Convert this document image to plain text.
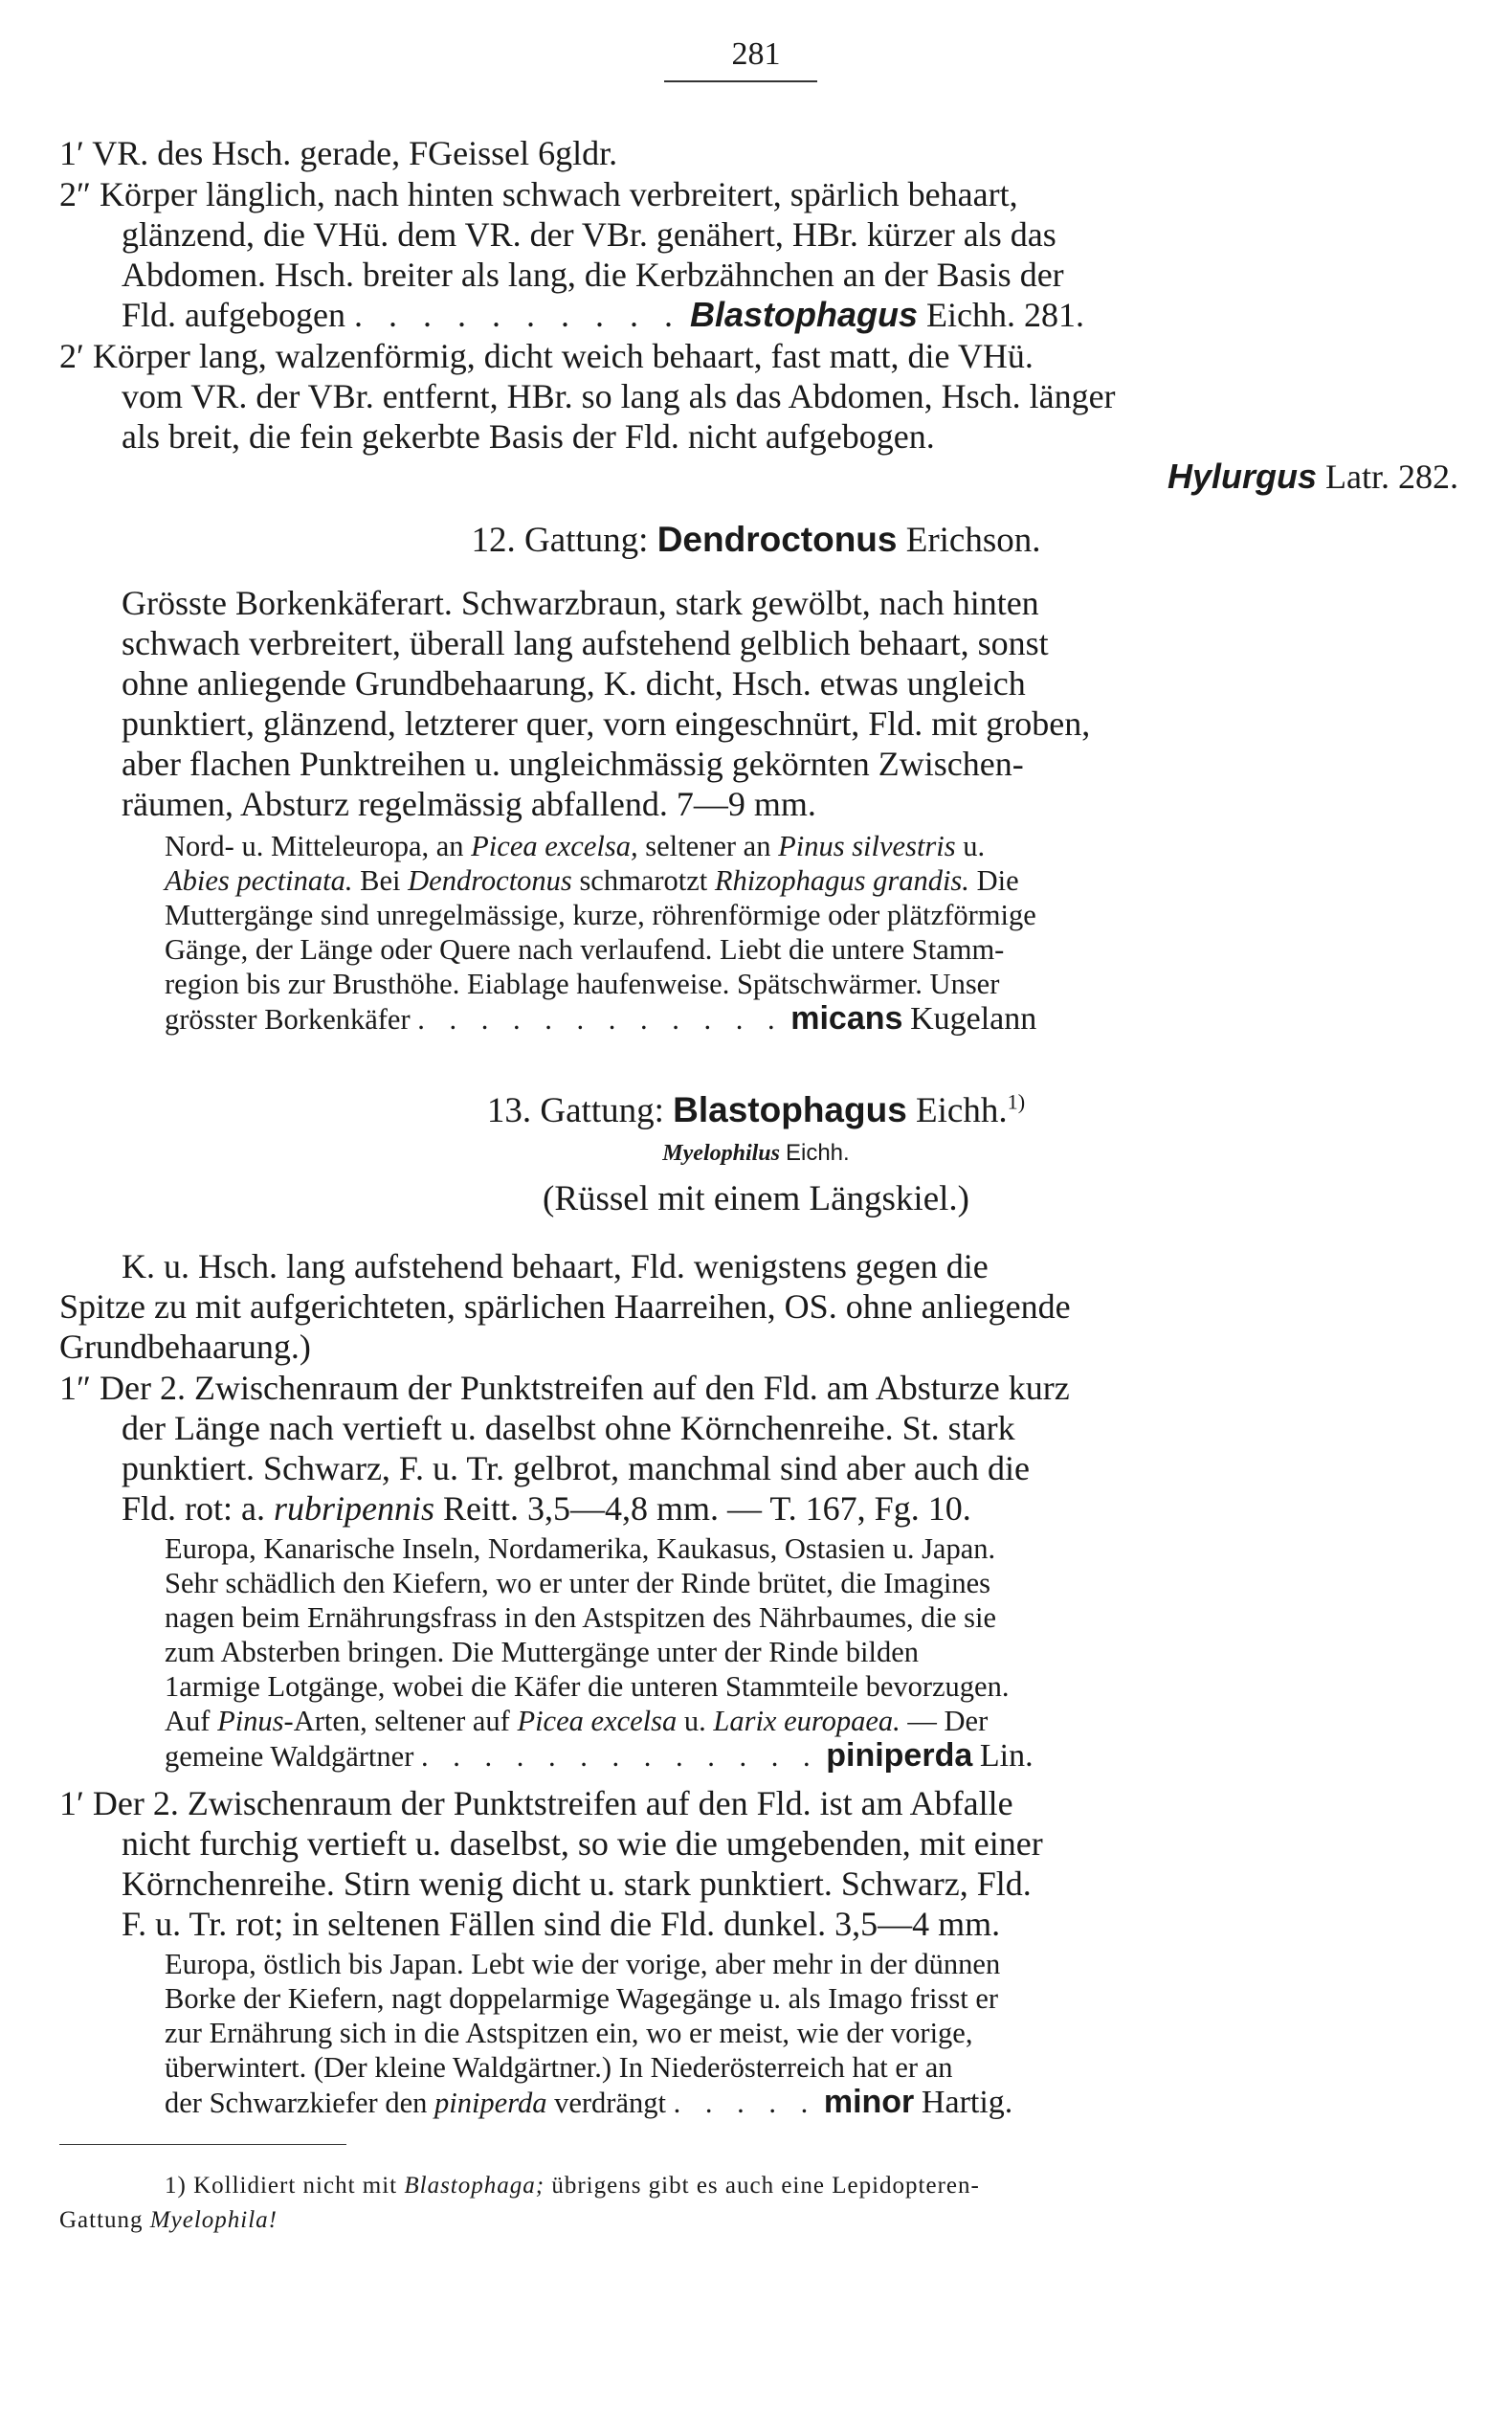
281
1′ VR. des Hsch. gerade, FGeissel 6gldr.
2″ Körper länglich, nach hinten schwach verbreitert, spärlich behaart,
glänzend, die VHü. dem VR. der VBr. genähert, HBr. kürzer als das
Abdomen. Hsch. breiter als lang, die Kerbzähnchen an der Basis der
Fld. aufgebogen . . . . . . . . . . Blastophagus Eichh. 281.
2′ Körper lang, walzenförmig, dicht weich behaart, fast matt, die VHü.
vom VR. der VBr. entfernt, HBr. so lang als das Abdomen, Hsch. länger
als breit, die fein gekerbte Basis der Fld. nicht aufgebogen.
Hylurgus Latr. 282.
12. Gattung: Dendroctonus Erichson.
Grösste Borkenkäferart. Schwarzbraun, stark gewölbt, nach hinten
schwach verbreitert, überall lang aufstehend gelblich behaart, sonst
ohne anliegende Grundbehaarung, K. dicht, Hsch. etwas ungleich
punktiert, glänzend, letzterer quer, vorn eingeschnürt, Fld. mit groben,
aber flachen Punktreihen u. ungleichmässig gekörnten Zwischen-
räumen, Absturz regelmässig abfallend. 7—9 mm.
Nord- u. Mitteleuropa, an Picea excelsa, seltener an Pinus silvestris u.
Abies pectinata. Bei Dendroctonus schmarotzt Rhizophagus grandis. Die
Muttergänge sind unregelmässige, kurze, röhrenförmige oder plätzförmige
Gänge, der Länge oder Quere nach verlaufend. Liebt die untere Stamm-
region bis zur Brusthöhe. Eiablage haufenweise. Spätschwärmer. Unser
grösster Borkenkäfer . . . . . . . . . . . . micans Kugelann
13. Gattung: Blastophagus Eichh.$^{1)}$
Myelophilus Eichh.
(Rüssel mit einem Längskiel.)
K. u. Hsch. lang aufstehend behaart, Fld. wenigstens gegen die
Spitze zu mit aufgerichteten, spärlichen Haarreihen, OS. ohne anliegende
Grundbehaarung.)
1″ Der 2. Zwischenraum der Punktstreifen auf den Fld. am Absturze kurz
der Länge nach vertieft u. daselbst ohne Körnchenreihe. St. stark
punktiert. Schwarz, F. u. Tr. gelbrot, manchmal sind aber auch die
Fld. rot: a. rubripennis Reitt. 3,5—4,8 mm. — T. 167, Fg. 10.
Europa, Kanarische Inseln, Nordamerika, Kaukasus, Ostasien u. Japan.
Sehr schädlich den Kiefern, wo er unter der Rinde brütet, die Imagines
nagen beim Ernährungsfrass in den Astspitzen des Nährbaumes, die sie
zum Absterben bringen. Die Muttergänge unter der Rinde bilden
1armige Lotgänge, wobei die Käfer die unteren Stammteile bevorzugen.
Auf Pinus-Arten, seltener auf Picea excelsa u. Larix europaea. — Der
gemeine Waldgärtner . . . . . . . . . . . . . piniperda Lin.
1′ Der 2. Zwischenraum der Punktstreifen auf den Fld. ist am Abfalle
nicht furchig vertieft u. daselbst, so wie die umgebenden, mit einer
Körnchenreihe. Stirn wenig dicht u. stark punktiert. Schwarz, Fld.
F. u. Tr. rot; in seltenen Fällen sind die Fld. dunkel. 3,5—4 mm.
Europa, östlich bis Japan. Lebt wie der vorige, aber mehr in der dünnen
Borke der Kiefern, nagt doppelarmige Wagegänge u. als Imago frisst er
zur Ernährung sich in die Astspitzen ein, wo er meist, wie der vorige,
überwintert. (Der kleine Waldgärtner.) In Niederösterreich hat er an
der Schwarzkiefer den piniperda verdrängt . . . . . minor Hartig.
1) Kollidiert nicht mit Blastophaga; übrigens gibt es auch eine Lepidopteren-
Gattung Myelophila!
